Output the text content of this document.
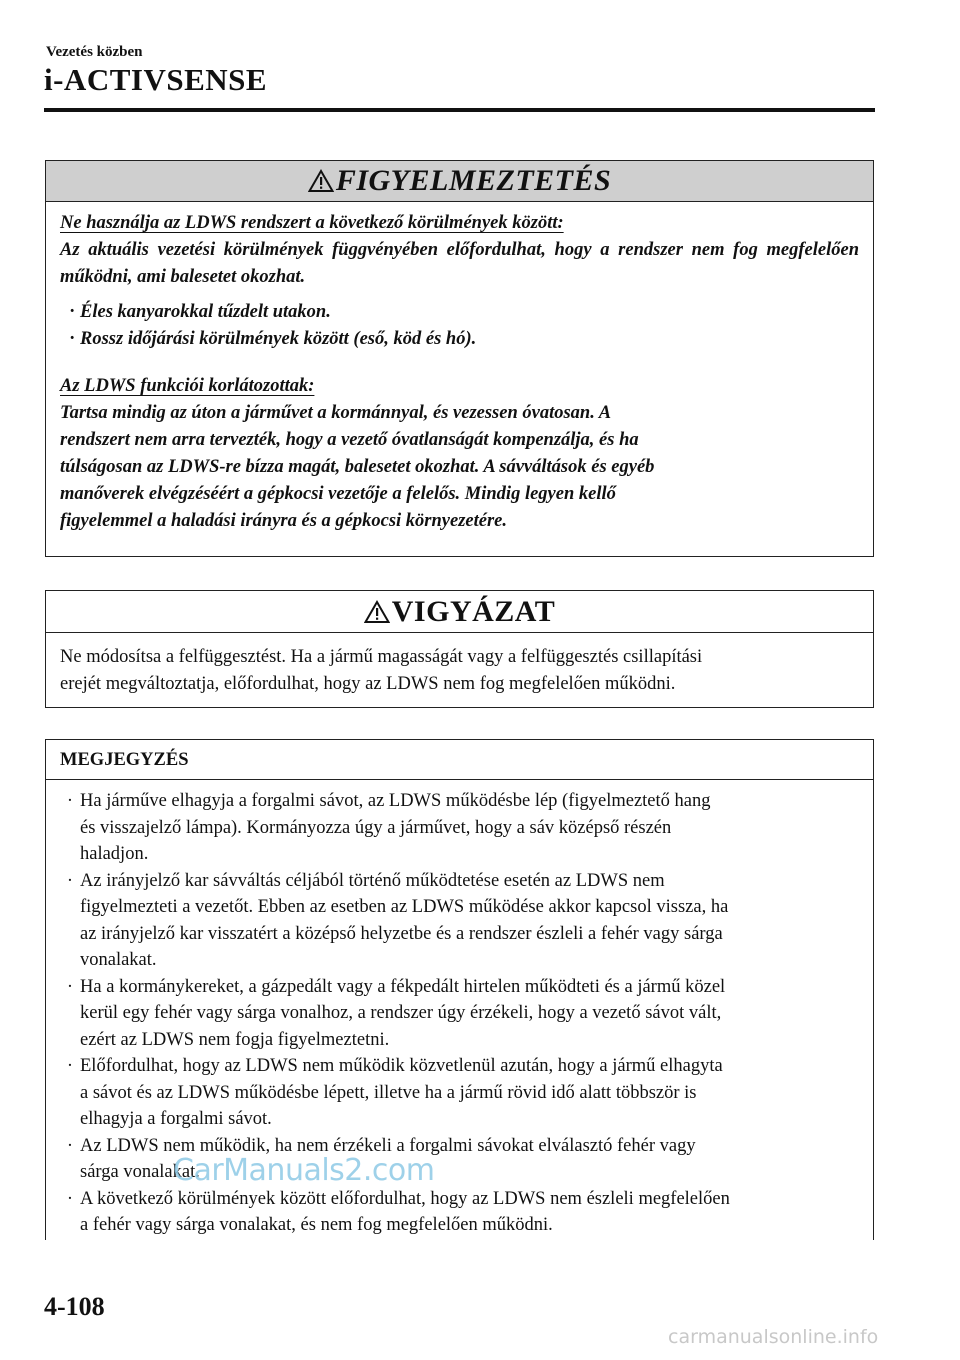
Vezetés közben
i-ACTIVSENSE
FIGYELMEZTETÉS

Ne használja az LDWS rendszert a következő körülmények között:

Az aktuális vezetési körülmények függvényében előfordulhat, hogy a rendszer nem fog megfelelően működni, ami balesetet okozhat.

· Éles kanyarokkal tűzdelt utakon.

· Rossz időjárási körülmények között (eső, köd és hó).

Az LDWS funkciói korlátozottak:

Tartsa mindig az úton a járművet a kormánnyal, és vezessen óvatosan. A

rendszert nem arra tervezték, hogy a vezető óvatlanságát kompenzálja, és ha

túlságosan az LDWS-re bízza magát, balesetet okozhat. A sávváltások és egyéb

manőverek elvégzéséért a gépkocsi vezetője a felelős. Mindig legyen kellő

figyelemmel a haladási irányra és a gépkocsi környezetére.

VIGYÁZAT
Ne módosítsa a felfüggesztést. Ha a jármű magasságát vagy a felfüggesztés csillapítási
erejét megváltoztatja, előfordulhat, hogy az LDWS nem fog megfelelően működni.
MEGJEGYZÉS
· Ha járműve elhagyja a forgalmi sávot, az LDWS működésbe lép (figyelmeztető hang
és visszajelző lámpa). Kormányozza úgy a járművet, hogy a sáv középső részén
haladjon.
· Az irányjelző kar sávváltás céljából történő működtetése esetén az LDWS nem
figyelmezteti a vezetőt. Ebben az esetben az LDWS működése akkor kapcsol vissza, ha
az irányjelző kar visszatért a középső helyzetbe és a rendszer észleli a fehér vagy sárga
vonalakat.
· Ha a kormánykereket, a gázpedált vagy a fékpedált hirtelen működteti és a jármű közel
kerül egy fehér vagy sárga vonalhoz, a rendszer úgy érzékeli, hogy a vezető sávot vált,
ezért az LDWS nem fogja figyelmeztetni.
· Előfordulhat, hogy az LDWS nem működik közvetlenül azután, hogy a jármű elhagyta
a sávot és az LDWS működésbe lépett, illetve ha a jármű rövid idő alatt többször is
elhagyja a forgalmi sávot.
· Az LDWS nem működik, ha nem érzékeli a forgalmi sávokat elválasztó fehér vagy
sárga vonalakat.
· A következő körülmények között előfordulhat, hogy az LDWS nem észleli megfelelően
a fehér vagy sárga vonalakat, és nem fog megfelelően működni.
CarManuals2.com
4-108
carmanualsonline.info
